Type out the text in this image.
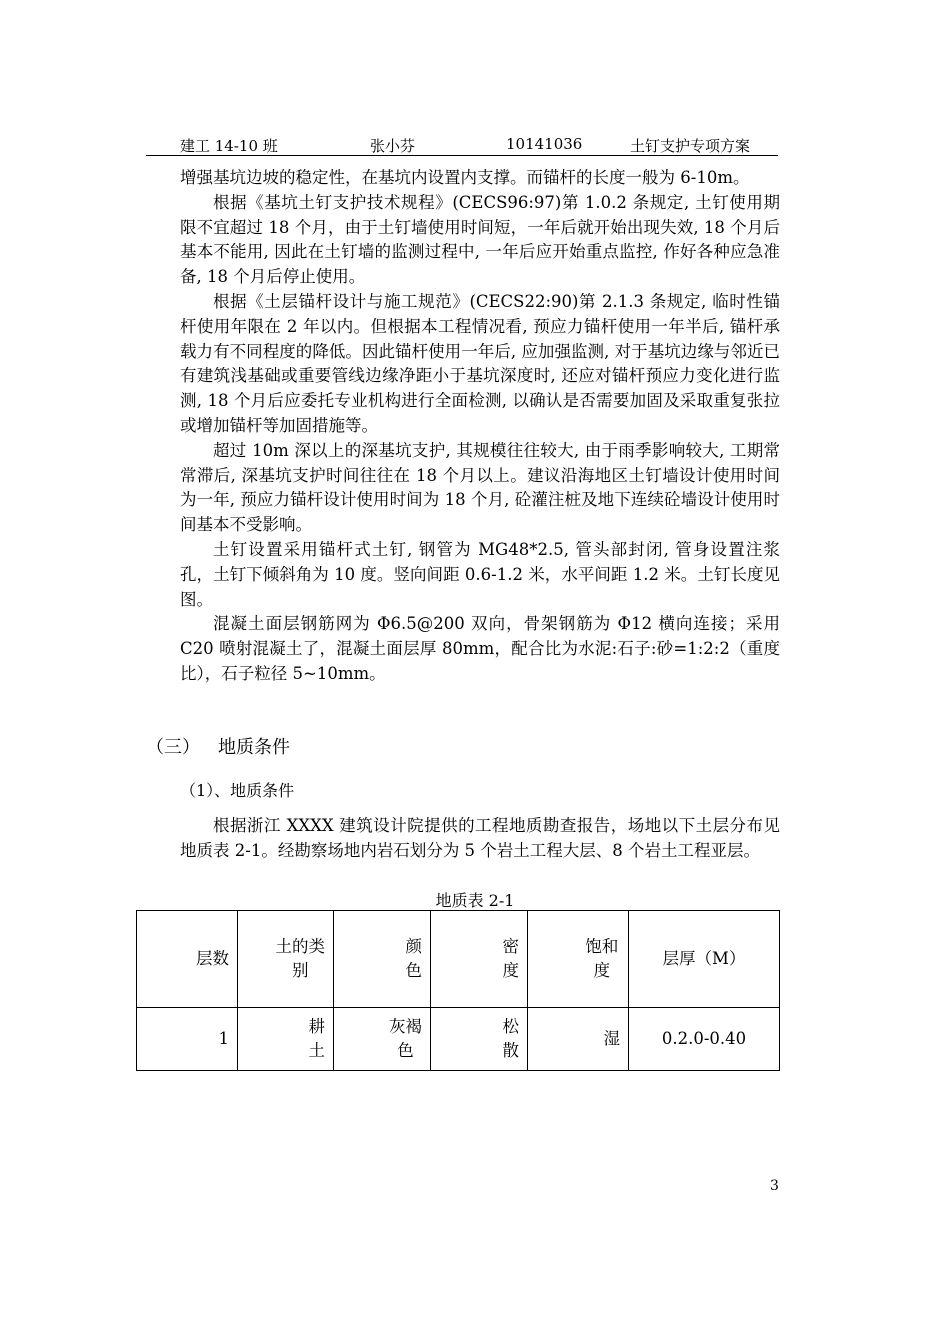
建工 14-10 班	张小芬	10141036	土钉支护专项方案

增强基坑边坡的稳定性，在基坑内设置内支撑。而锚杆的长度一般为 6-10m。

根据《基坑土钉支护技术规程》(CECS96:97)第 1.0.2 条规定, 土钉使用期限不宜超过 18 个月，由于土钉墙使用时间短，一年后就开始出现失效, 18 个月后基本不能用, 因此在土钉墙的监测过程中, 一年后应开始重点监控, 作好各种应急准备, 18 个月后停止使用。

根据《土层锚杆设计与施工规范》(CECS22:90)第 2.1.3 条规定, 临时性锚杆使用年限在 2 年以内。但根据本工程情况看, 预应力锚杆使用一年半后, 锚杆承载力有不同程度的降低。因此锚杆使用一年后, 应加强监测, 对于基坑边缘与邻近已有建筑浅基础或重要管线边缘净距小于基坑深度时, 还应对锚杆预应力变化进行监测, 18 个月后应委托专业机构进行全面检测, 以确认是否需要加固及采取重复张拉或增加锚杆等加固措施等。

超过 10m 深以上的深基坑支护, 其规模往往较大, 由于雨季影响较大, 工期常常滞后, 深基坑支护时间往往在 18 个月以上。建议沿海地区土钉墙设计使用时间为一年, 预应力锚杆设计使用时间为 18 个月, 砼灌注桩及地下连续砼墙设计使用时间基本不受影响。

土钉设置采用锚杆式土钉, 钢管为 MG48*2.5, 管头部封闭, 管身设置注浆孔，土钉下倾斜角为 10 度。竖向间距 0.6-1.2 米，水平间距 1.2 米。土钉长度见图。

混凝土面层钢筋网为 Φ6.5@200 双向，骨架钢筋为 Φ12 横向连接；采用 C20 喷射混凝土了，混凝土面层厚 80mm，配合比为水泥:石子:砂=1:2:2（重度比），石子粒径 5~10mm。

（三） 地质条件
（1）、地质条件

根据浙江 XXXX 建筑设计院提供的工程地质勘查报告，场地以下土层分布见地质表 2-1。经勘察场地内岩石划分为 5 个岩土工程大层、8 个岩土工程亚层。

地质表 2-1
层数	土的类别	颜色	密度	饱和度	层厚（M）
1	耕土	灰褐色	松散	湿	0.2.0-0.40
3
